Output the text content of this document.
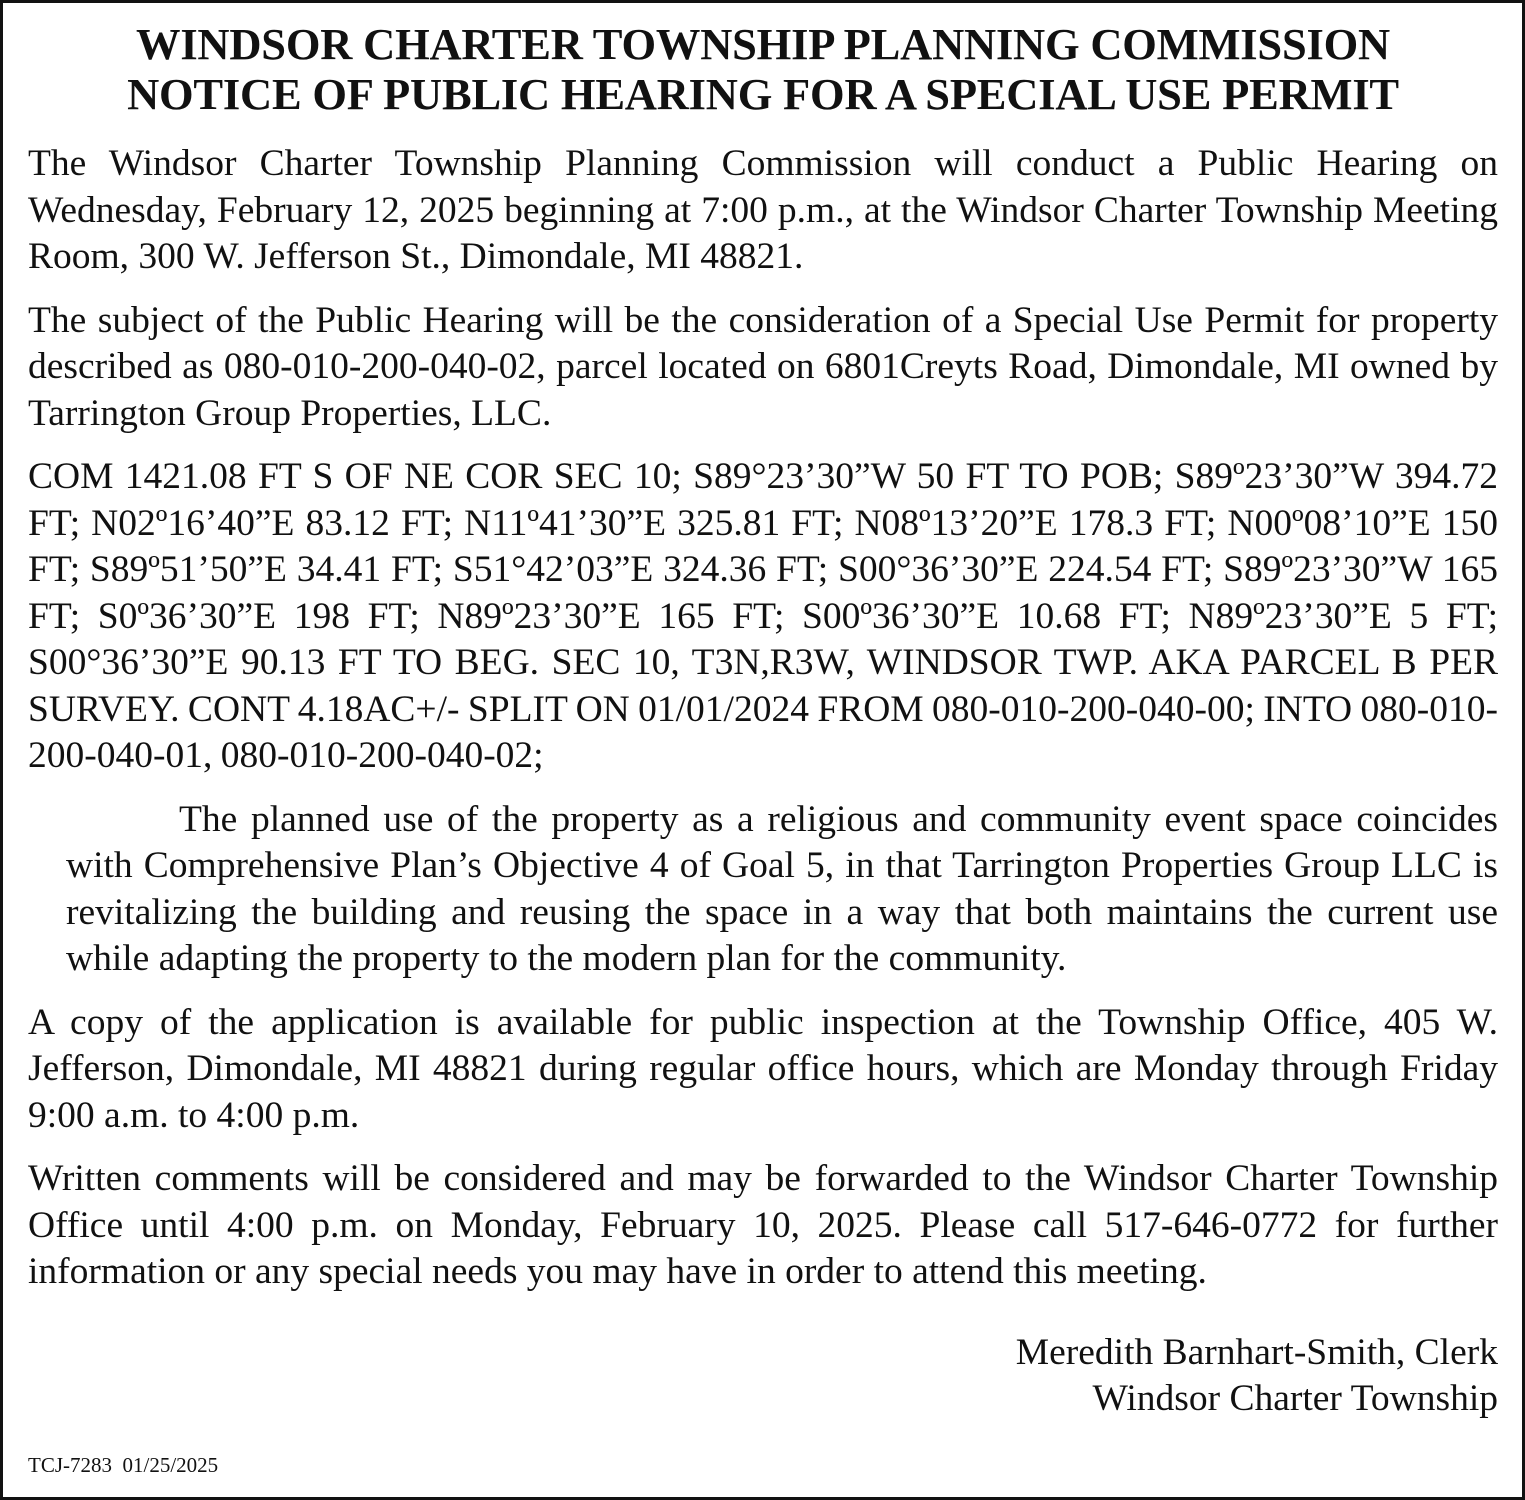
WINDSOR CHARTER TOWNSHIP PLANNING COMMISSION
NOTICE OF PUBLIC HEARING FOR A SPECIAL USE PERMIT

The Windsor Charter Township Planning Commission will conduct a Public Hearing on Wednesday, February 12, 2025 beginning at 7:00 p.m., at the Windsor Charter Township Meeting Room, 300 W. Jefferson St., Dimondale, MI 48821.

The subject of the Public Hearing will be the consideration of a Special Use Permit for property described as 080-010-200-040-02, parcel located on 6801Creyts Road, Dimondale, MI owned by Tarrington Group Properties, LLC.

COM 1421.08 FT S OF NE COR SEC 10; S89°23’30”W 50 FT TO POB; S89º23’30”W 394.72 FT; N02º16’40”E 83.12 FT; N11º41’30”E 325.81 FT; N08º13’20”E 178.3 FT; N00º08’10”E 150 FT; S89º51’50”E 34.41 FT; S51°42’03”E 324.36 FT; S00°36’30”E 224.54 FT; S89º23’30”W 165 FT; S0º36’30”E 198 FT; N89º23’30”E 165 FT; S00º36’30”E 10.68 FT; N89º23’30”E 5 FT; S00°36’30”E 90.13 FT TO BEG. SEC 10, T3N,R3W, WINDSOR TWP. AKA PARCEL B PER SURVEY. CONT 4.18AC+/- SPLIT ON 01/01/2024 FROM 080-010-200-040-00; INTO 080-010-200-040-01, 080-010-200-040-02;

The planned use of the property as a religious and community event space coincides with Comprehensive Plan’s Objective 4 of Goal 5, in that Tarrington Properties Group LLC is revitalizing the building and reusing the space in a way that both maintains the current use while adapting the property to the modern plan for the community.

A copy of the application is available for public inspection at the Township Office, 405 W. Jefferson, Dimondale, MI 48821 during regular office hours, which are Monday through Friday 9:00 a.m. to 4:00 p.m.

Written comments will be considered and may be forwarded to the Windsor Charter Township Office until 4:00 p.m. on Monday, February 10, 2025. Please call 517-646-0772 for further information or any special needs you may have in order to attend this meeting.

Meredith Barnhart-Smith, Clerk
Windsor Charter Township
TCJ-7283  01/25/2025
